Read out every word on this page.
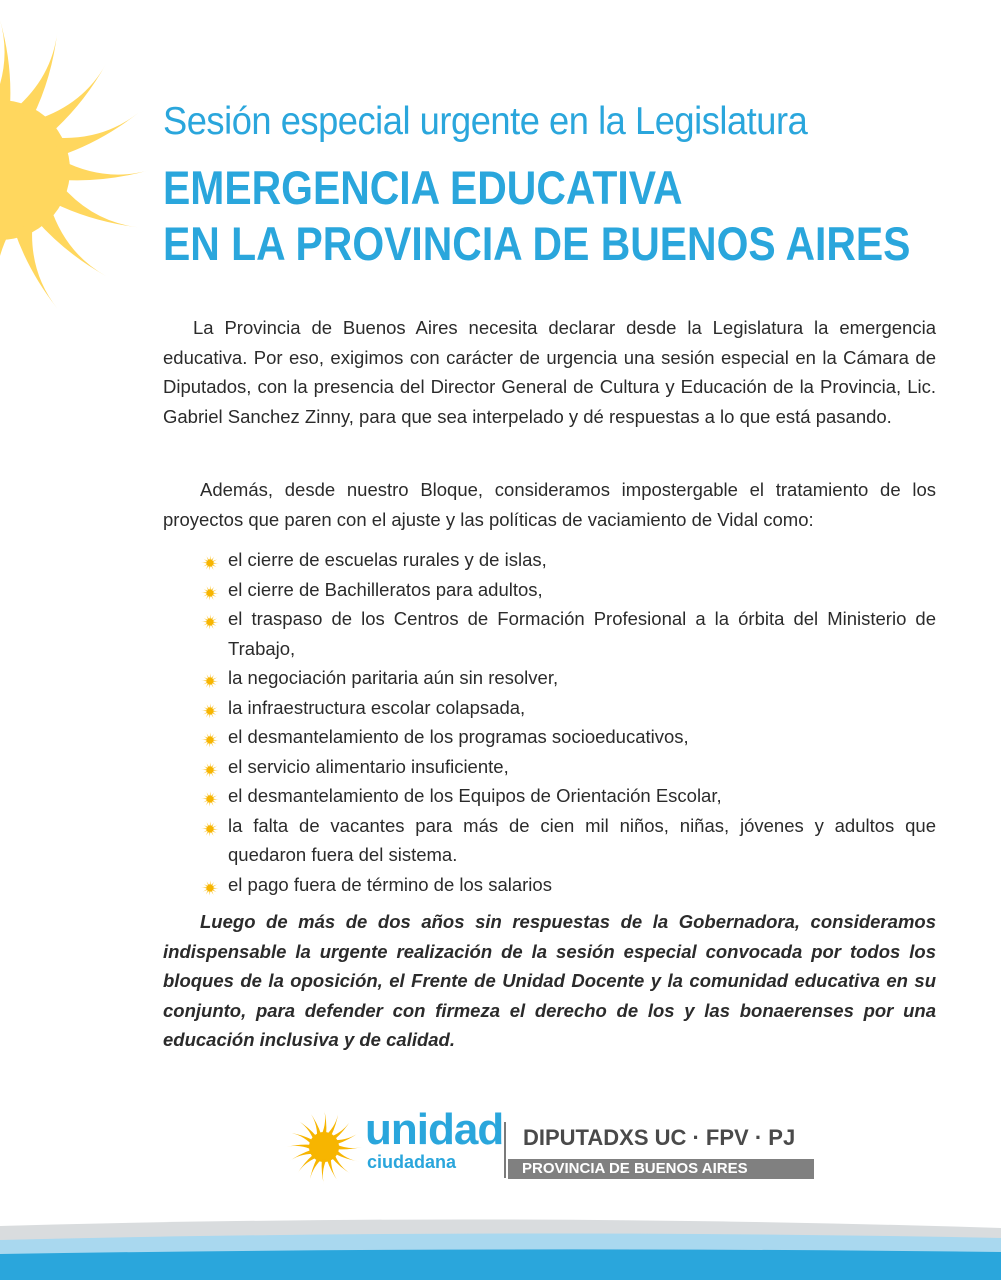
Sesión especial urgente en la Legislatura
EMERGENCIA EDUCATIVA
EN LA PROVINCIA DE BUENOS AIRES

La Provincia de Buenos Aires necesita declarar desde la Legislatura la emergencia educativa. Por eso, exigimos con carácter de urgencia una sesión especial en la Cámara de Diputados, con la presencia del Director General de Cultura y Educación de la Provincia, Lic. Gabriel Sanchez Zinny, para que sea interpelado y dé respuestas a lo que está pasando.

Además, desde nuestro Bloque, consideramos impostergable el tratamiento de los proyectos que paren con el ajuste y las políticas de vaciamiento de Vidal como:

el cierre de escuelas rurales y de islas,
el cierre de Bachilleratos para adultos,
el traspaso de los Centros de Formación Profesional a la órbita del Ministerio de Trabajo,
la negociación paritaria aún sin resolver,
la infraestructura escolar colapsada,
el desmantelamiento de los programas socioeducativos,
el servicio alimentario insuficiente,
el desmantelamiento de los Equipos de Orientación Escolar,
la falta de vacantes para más de cien mil niños, niñas, jóvenes y adultos que quedaron fuera del sistema.
el pago fuera de término de los salarios

Luego de más de dos años sin respuestas de la Gobernadora, consideramos indispensable la urgente realización de la sesión especial convocada por todos los bloques de la oposición, el Frente de Unidad Docente y la comunidad educativa en su conjunto, para defender con firmeza el derecho de los y las bonaerenses por una educación inclusiva y de calidad.

unidad
ciudadana
DIPUTADXS UC · FPV · PJ
PROVINCIA DE BUENOS AIRES
